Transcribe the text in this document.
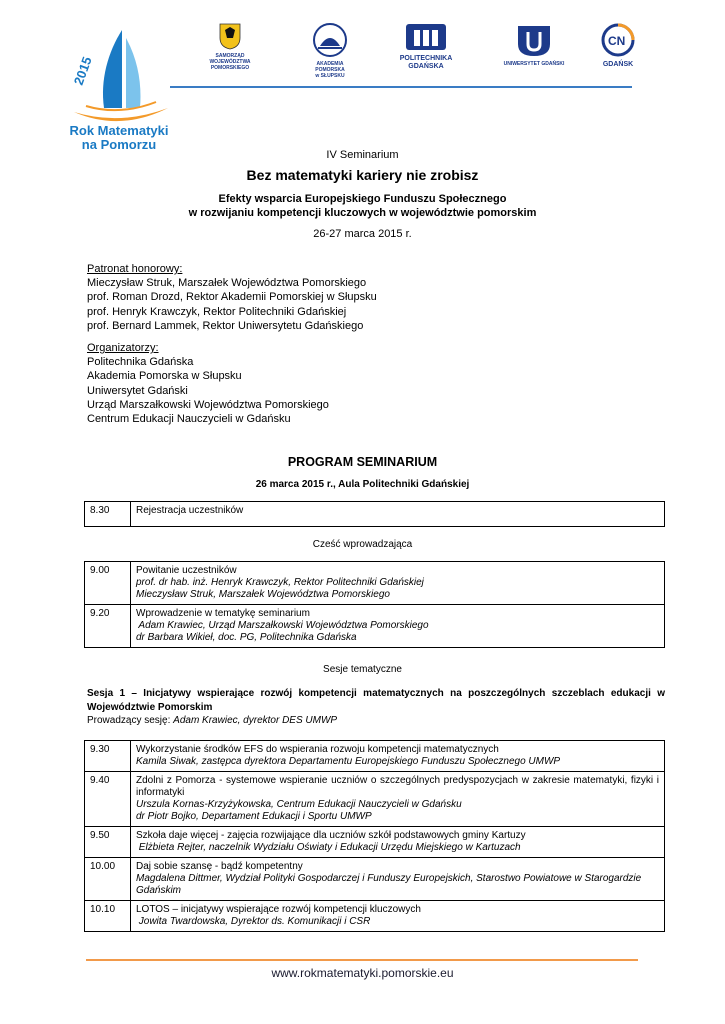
2015
Rok Matematyki
na Pomorzu
SAMORZĄD
WOJEWÓDZTWA POMORSKIEGO
AKADEMIA POMORSKA
w SŁUPSKU
POLITECHNIKA
GDAŃSKA	UNIWERSYTET GDAŃSKI
CN
GDAŃSK
IV Seminarium
Bez matematyki kariery nie zrobisz
Efekty wsparcia Europejskiego Funduszu Społecznego
w rozwijaniu kompetencji kluczowych w województwie pomorskim
26-27 marca 2015 r.
Patronat honorowy:
Mieczysław Struk, Marszałek Województwa Pomorskiego
prof. Roman Drozd, Rektor Akademii Pomorskiej w Słupsku
prof. Henryk Krawczyk, Rektor Politechniki Gdańskiej
prof. Bernard Lammek, Rektor Uniwersytetu Gdańskiego
Organizatorzy:
Politechnika Gdańska
Akademia Pomorska w Słupsku
Uniwersytet Gdański
Urząd Marszałkowski Województwa Pomorskiego
Centrum Edukacji Nauczycieli w Gdańsku
PROGRAM SEMINARIUM
26 marca 2015 r., Aula Politechniki Gdańskiej
8.30	Rejestracja uczestników
Cześć wprowadzająca
9.00	Powitanie uczestników
prof. dr hab. inż. Henryk Krawczyk, Rektor Politechniki Gdańskiej
Mieczysław Struk, Marszałek Województwa Pomorskiego

9.20	Wprowadzenie w tematykę seminarium
Adam Krawiec, Urząd Marszałkowski Województwa Pomorskiego
dr Barbara Wikieł, doc. PG, Politechnika Gdańska
Sesje tematyczne
Sesja 1 – Inicjatywy wspierające rozwój kompetencji matematycznych na poszczególnych szczeblach edukacji w Województwie Pomorskim
Prowadzący sesję: Adam Krawiec, dyrektor DES UMWP
9.30	Wykorzystanie środków EFS do wspierania rozwoju kompetencji matematycznych
Kamila Siwak, zastępca dyrektora Departamentu Europejskiego Funduszu Społecznego UMWP

9.40	Zdolni z Pomorza - systemowe wspieranie uczniów o szczególnych predyspozycjach w zakresie matematyki, fizyki i informatyki
Urszula Kornas-Krzyżykowska, Centrum Edukacji Nauczycieli w Gdańsku
dr Piotr Bojko, Departament Edukacji i Sportu UMWP

9.50	Szkoła daje więcej - zajęcia rozwijające dla uczniów szkół podstawowych gminy Kartuzy
Elżbieta Rejter, naczelnik Wydziału Oświaty i Edukacji Urzędu Miejskiego w Kartuzach

10.00	Daj sobie szansę - bądź kompetentny
Magdalena Dittmer, Wydział Polityki Gospodarczej i Funduszy Europejskich, Starostwo Powiatowe w Starogardzie Gdańskim

10.10	LOTOS – inicjatywy wspierające rozwój kompetencji kluczowych
Jowita Twardowska, Dyrektor ds. Komunikacji i CSR
www.rokmatematyki.pomorskie.eu
